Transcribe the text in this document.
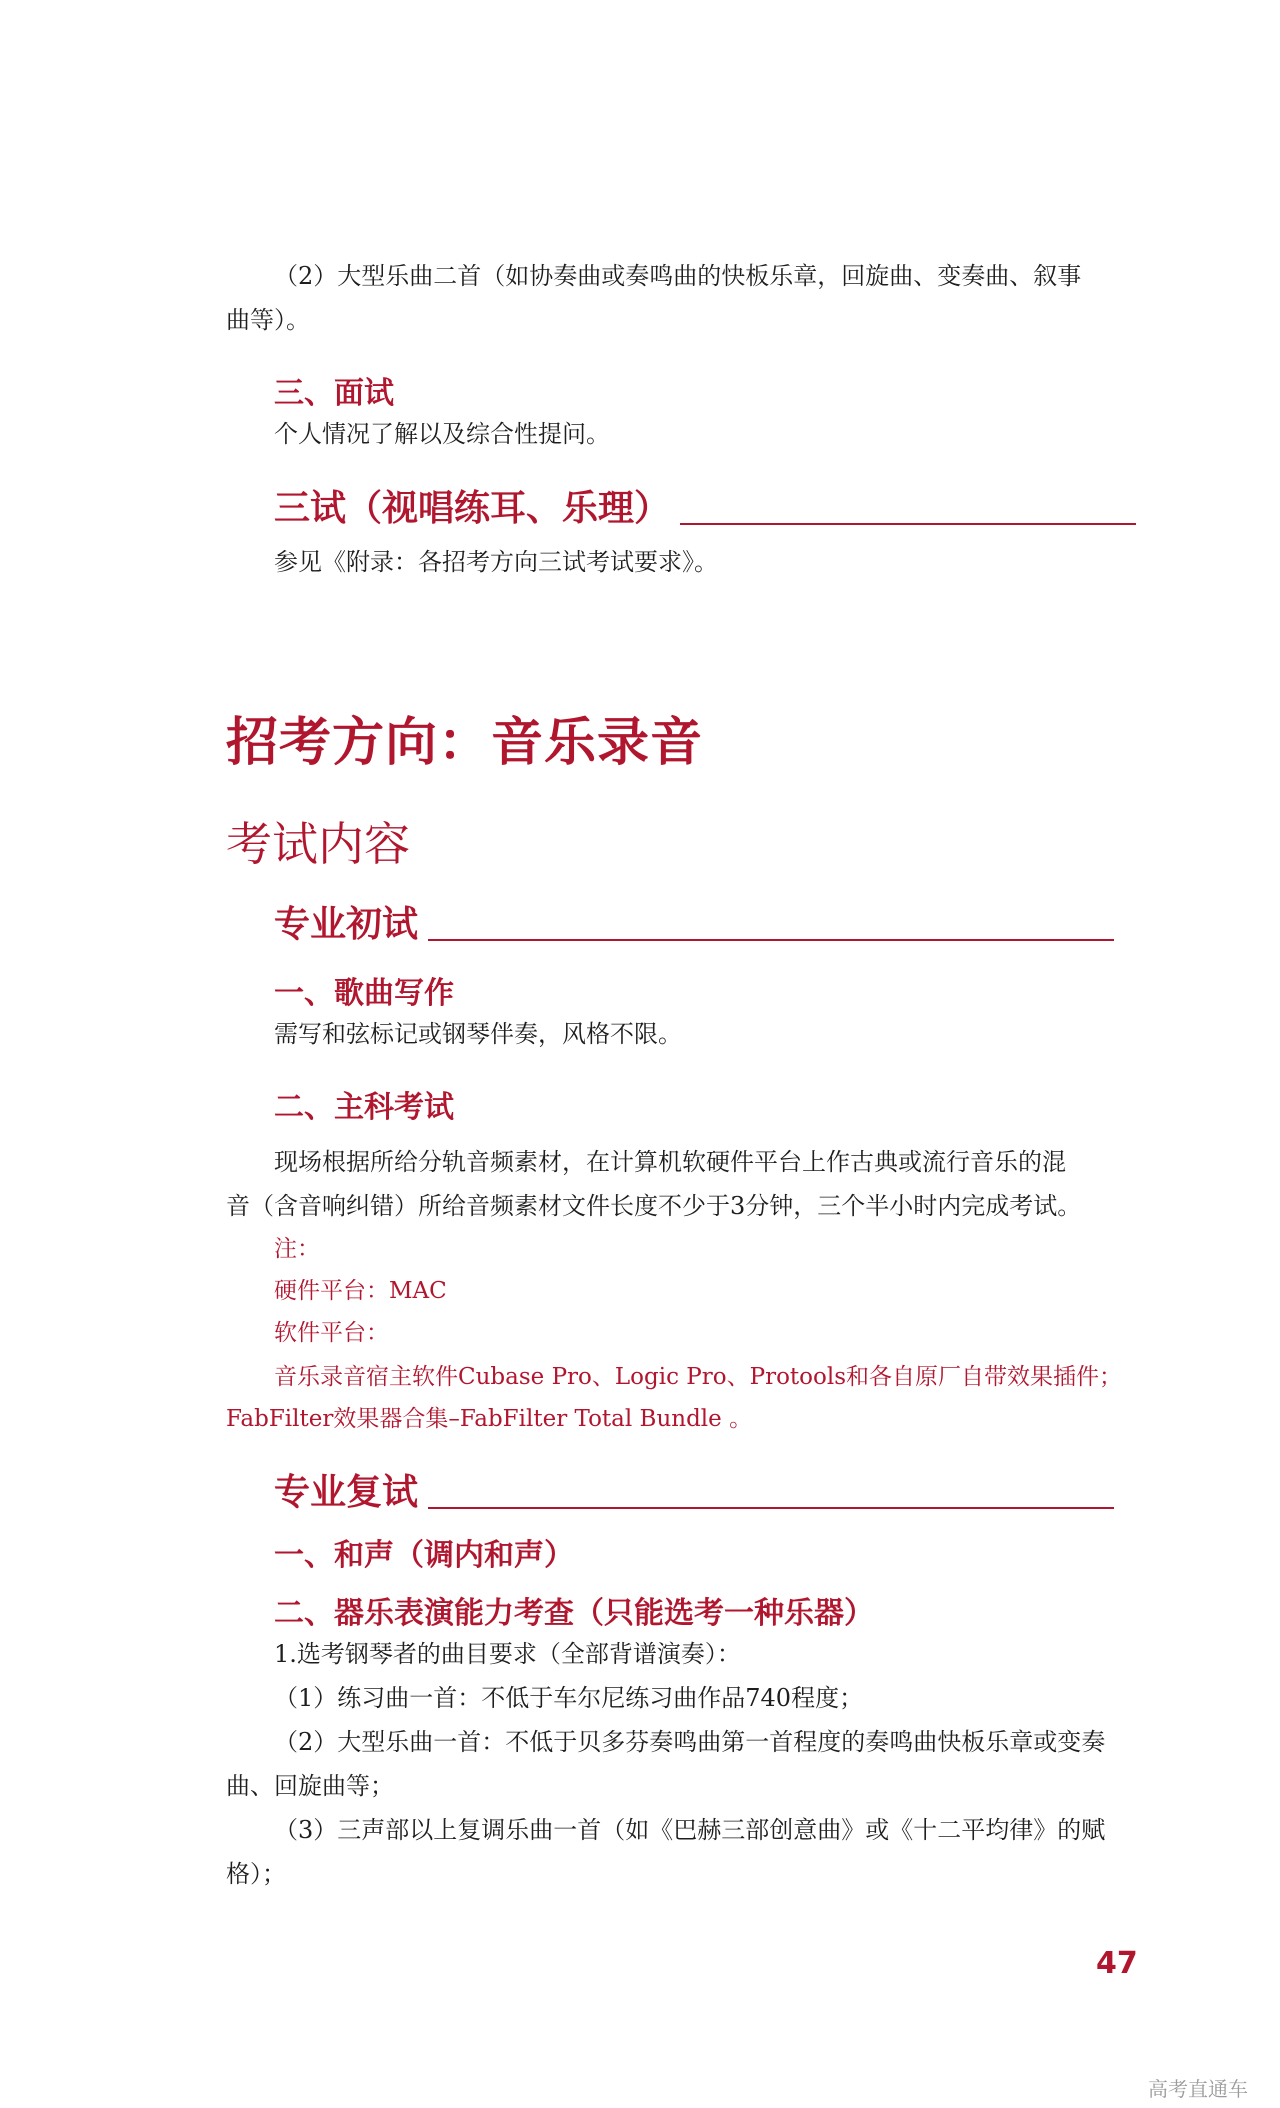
（2）大型乐曲二首（如协奏曲或奏鸣曲的快板乐章，回旋曲、变奏曲、叙事
曲等）。
三、面试
个人情况了解以及综合性提问。
三试（视唱练耳、乐理）
参见《附录：各招考方向三试考试要求》。
招考方向：音乐录音
考试内容
专业初试
一、歌曲写作
需写和弦标记或钢琴伴奏，风格不限。
二、主科考试
现场根据所给分轨音频素材，在计算机软硬件平台上作古典或流行音乐的混
音（含音响纠错）所给音频素材文件长度不少于3分钟，三个半小时内完成考试。
注：
硬件平台：MAC
软件平台：
音乐录音宿主软件Cubase Pro、Logic Pro、Protools和各自原厂自带效果插件；
FabFilter效果器合集–FabFilter Total Bundle 。
专业复试
一、和声（调内和声）
二、器乐表演能力考查（只能选考一种乐器）
1.选考钢琴者的曲目要求（全部背谱演奏）：
（1）练习曲一首：不低于车尔尼练习曲作品740程度；
（2）大型乐曲一首：不低于贝多芬奏鸣曲第一首程度的奏鸣曲快板乐章或变奏
曲、回旋曲等；
（3）三声部以上复调乐曲一首（如《巴赫三部创意曲》或《十二平均律》的赋
格）；
47
高考直通车
